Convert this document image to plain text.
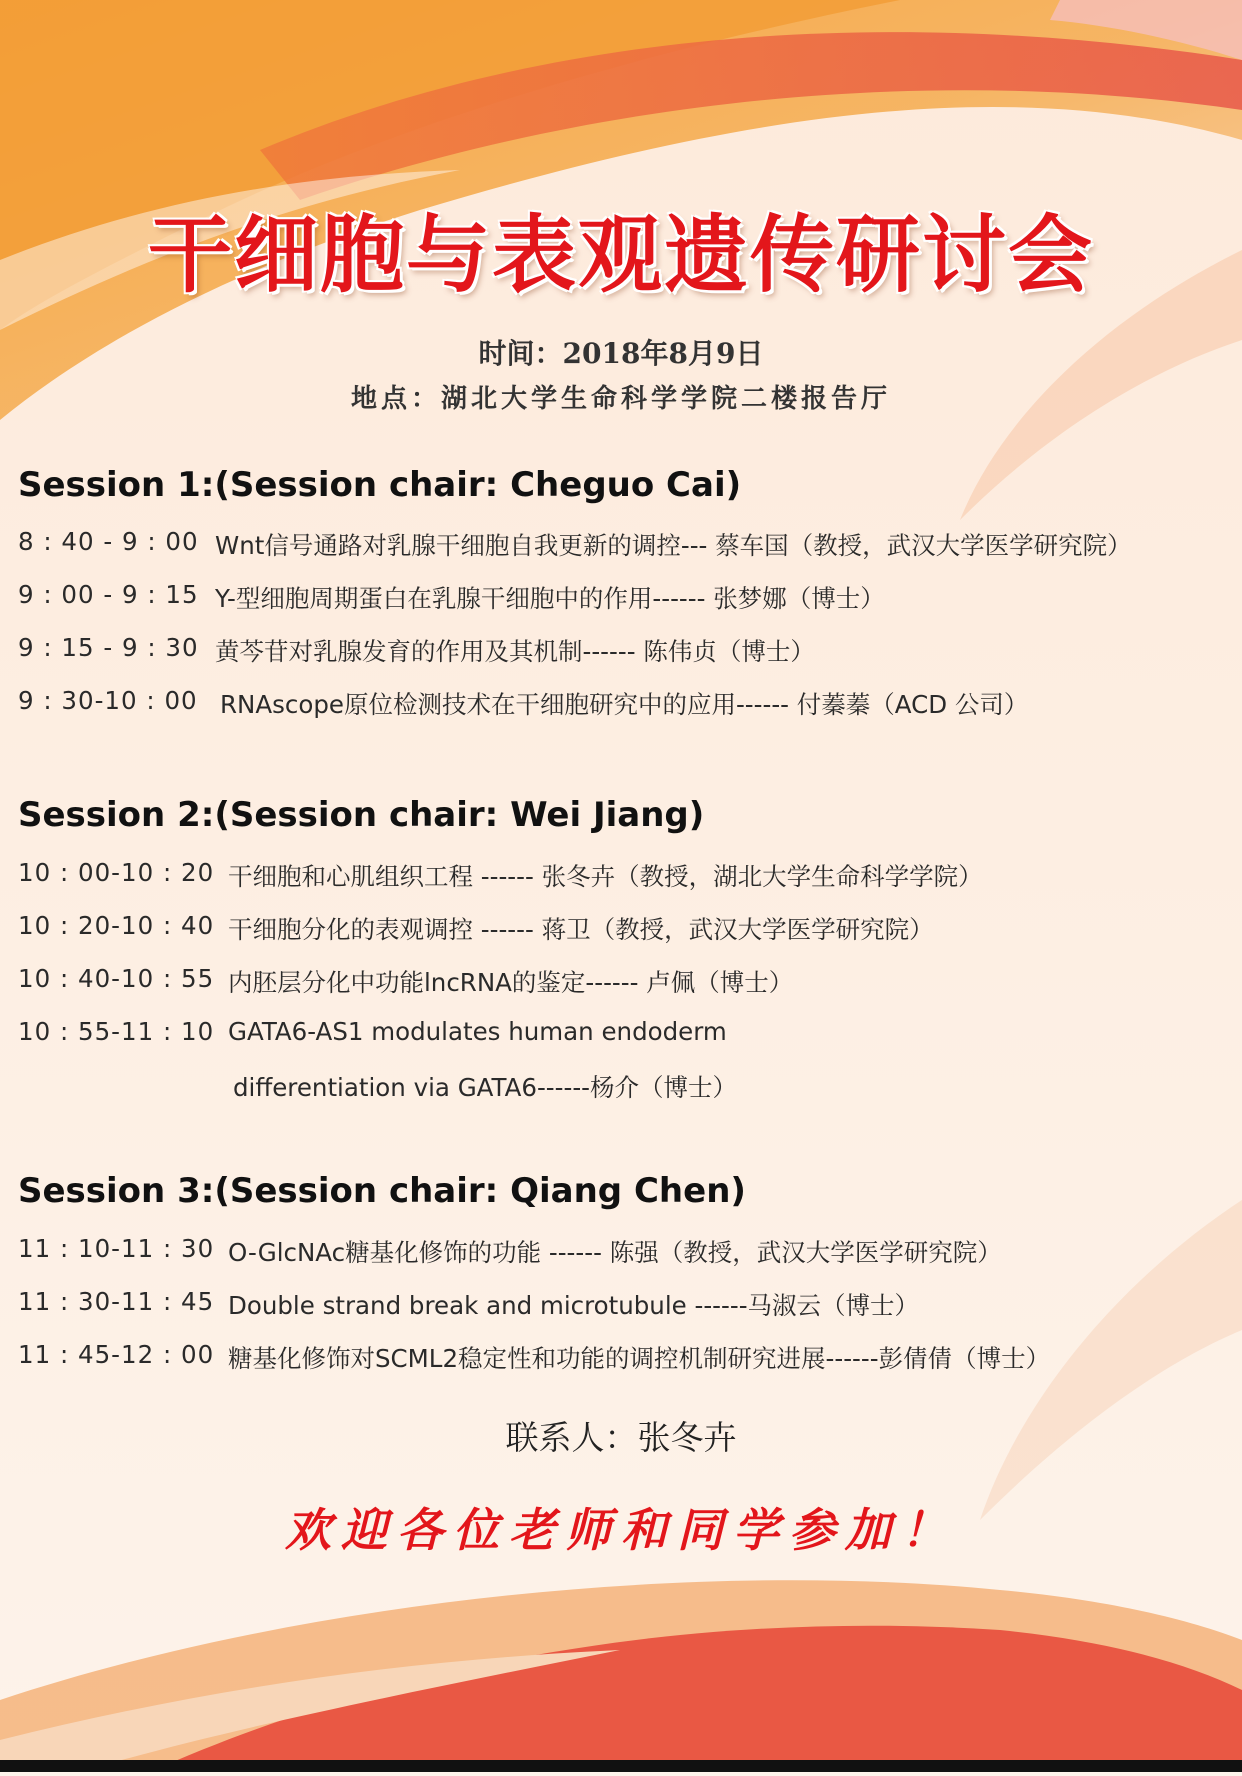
干细胞与表观遗传研讨会
时间：2018年8月9日
地点：湖北大学生命科学学院二楼报告厅
Session 1:(Session chair: Cheguo Cai)
8 : 40 - 9 : 00 Wnt信号通路对乳腺干细胞自我更新的调控--- 蔡车国（教授，武汉大学医学研究院）
9 : 00 - 9 : 15 Y-型细胞周期蛋白在乳腺干细胞中的作用------ 张梦娜（博士）
9 : 15 - 9 : 30 黄芩苷对乳腺发育的作用及其机制------ 陈伟贞（博士）
9 : 30-10 : 00 RNAscope原位检测技术在干细胞研究中的应用------ 付蓁蓁（ACD 公司）
Session 2:(Session chair: Wei Jiang)
10 : 00-10 : 20 干细胞和心肌组织工程 ------ 张冬卉（教授，湖北大学生命科学学院）
10 : 20-10 : 40 干细胞分化的表观调控 ------ 蒋卫（教授，武汉大学医学研究院）
10 : 40-10 : 55 内胚层分化中功能lncRNA的鉴定------ 卢佩（博士）
10 : 55-11 : 10 GATA6-AS1 modulates human endoderm
differentiation via GATA6------杨介（博士）
Session 3:(Session chair: Qiang Chen)
11 : 10-11 : 30 O-GlcNAc糖基化修饰的功能 ------ 陈强（教授，武汉大学医学研究院）
11 : 30-11 : 45 Double strand break and microtubule ------马淑云（博士）
11 : 45-12 : 00 糖基化修饰对SCML2稳定性和功能的调控机制研究进展------彭倩倩（博士）
联系人：张冬卉
欢迎各位老师和同学参加！
